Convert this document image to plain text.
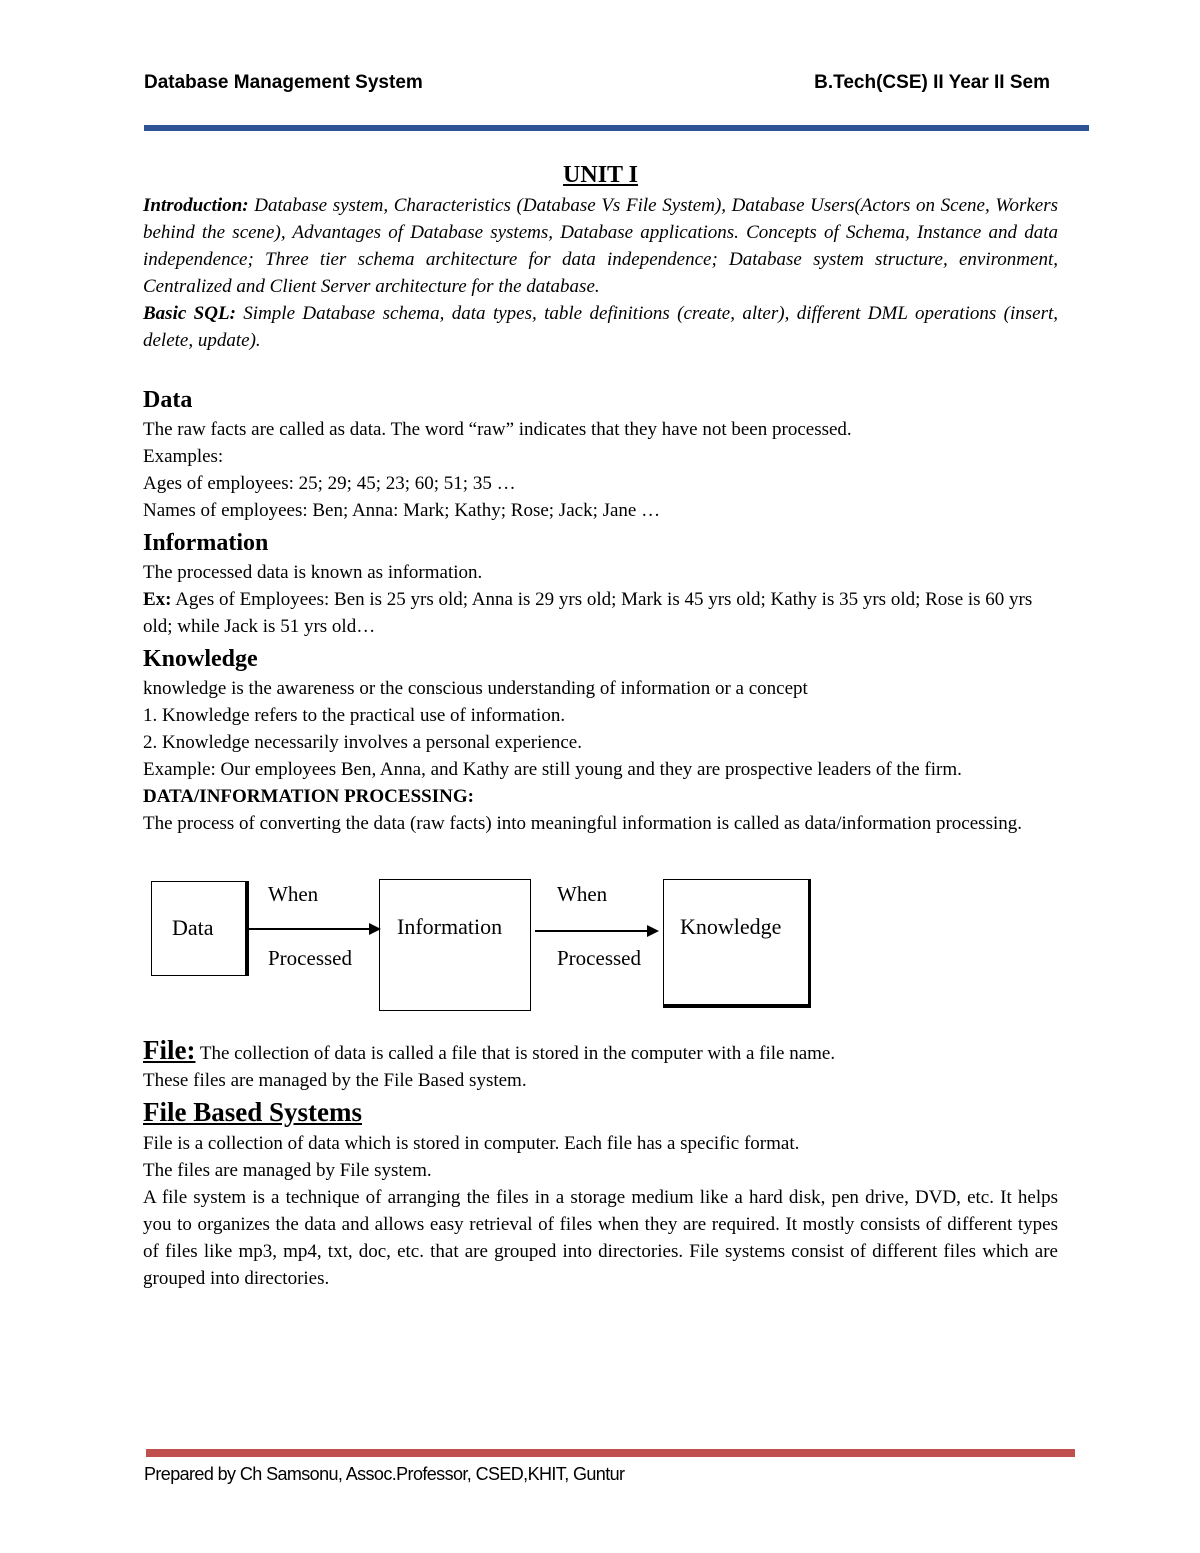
Database Management System	B.Tech(CSE) II Year II Sem
UNIT I

Introduction: Database system, Characteristics (Database Vs File System), Database Users(Actors on Scene, Workers behind the scene), Advantages of Database systems, Database applications. Concepts of Schema, Instance and data independence; Three tier schema architecture for data independence; Database system structure, environment, Centralized and Client Server architecture for the database.

Basic SQL: Simple Database schema, data types, table definitions (create, alter), different DML operations (insert, delete, update).

Data

The raw facts are called as data. The word “raw” indicates that they have not been processed.

Examples:

Ages of employees: 25; 29; 45; 23; 60; 51; 35 …

Names of employees: Ben; Anna: Mark; Kathy; Rose; Jack; Jane …

Information

The processed data is known as information.

Ex: Ages of Employees: Ben is 25 yrs old; Anna is 29 yrs old; Mark is 45 yrs old; Kathy is 35 yrs old; Rose is 60 yrs old; while Jack is 51 yrs old…

Knowledge

knowledge is the awareness or the conscious understanding of information or a concept

1. Knowledge refers to the practical use of information.

2. Knowledge necessarily involves a personal experience.

Example: Our employees Ben, Anna, and Kathy are still young and they are prospective leaders of the firm.

DATA/INFORMATION PROCESSING:

The process of converting the data (raw facts) into meaningful information is called as data/information processing.

Data
When
Processed
Information
When
Processed
Knowledge

File: The collection of data is called a file that is stored in the computer with a file name.

These files are managed by the File Based system.

File Based Systems

File is a collection of data which is stored in computer. Each file has a specific format.

The files are managed by File system.

A file system is a technique of arranging the files in a storage medium like a hard disk, pen drive, DVD, etc. It helps you to organizes the data and allows easy retrieval of files when they are required. It mostly consists of different types of files like mp3, mp4, txt, doc, etc. that are grouped into directories. File systems consist of different files which are grouped into directories.

Prepared by Ch Samsonu, Assoc.Professor, CSED,KHIT, Guntur
